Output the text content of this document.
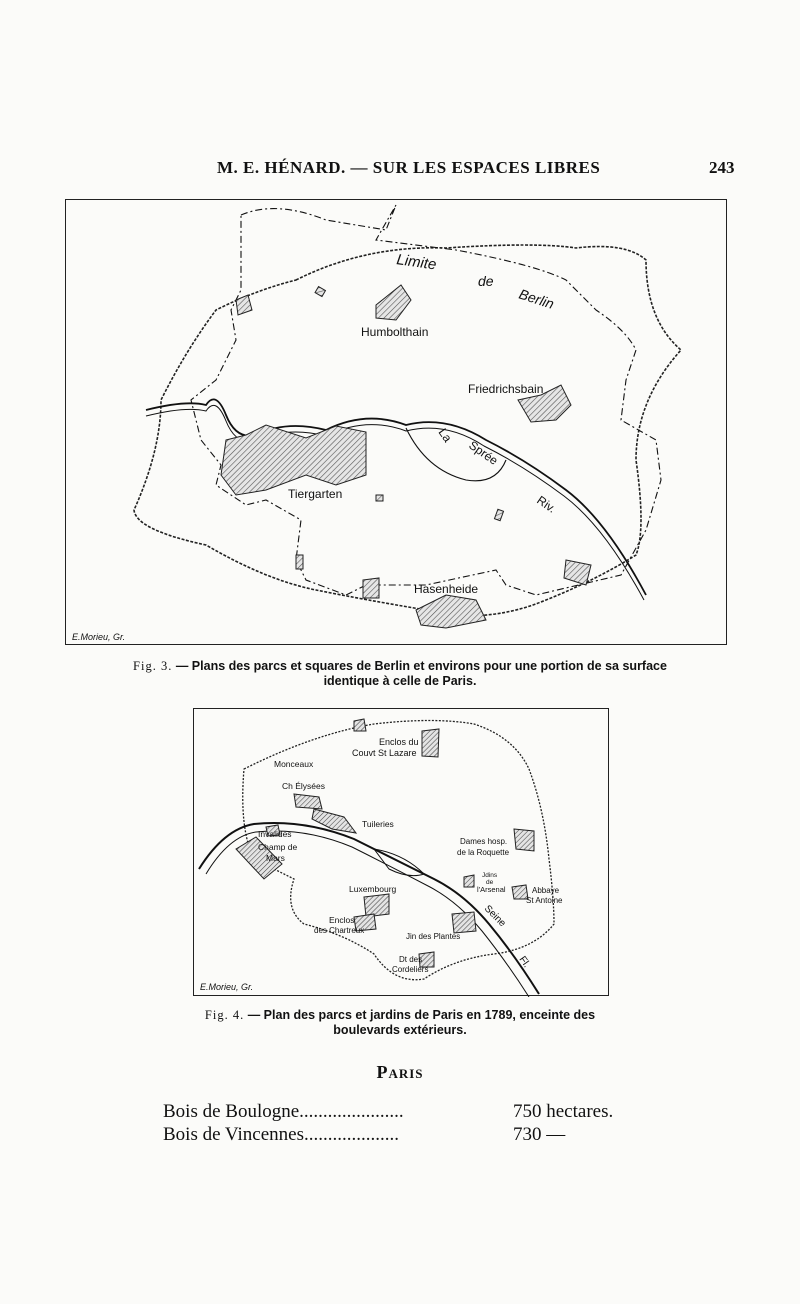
M. E. HÉNARD. — SUR LES ESPACES LIBRES	243
Limite
de
Berlin
Humbolthain
Friedrichsbain
La
Sprée
Riv.
Tiergarten
Hasenheide
E.Morieu, Gr.
Fig. 3. — Plans des parcs et squares de Berlin et environs pour une portion de sa surface identique à celle de Paris.
Enclos du
Couvt St Lazare
Monceaux
Ch Élysées
Tuileries
Invalides
Champ de
Mars
Dames hosp.
de la Roquette
Jdins
de
l'Arsenal	Abbaye
St Antoine
Luxembourg
Enclos
des Chartreux
Jin des Plantes
Seine
Fl.
Dt des
Cordeliers
E.Morieu, Gr.
Fig. 4. — Plan des parcs et jardins de Paris en 1789, enceinte des boulevards extérieurs.
Paris
Bois de Boulogne......................	750 hectares.
Bois de Vincennes....................	730 —
